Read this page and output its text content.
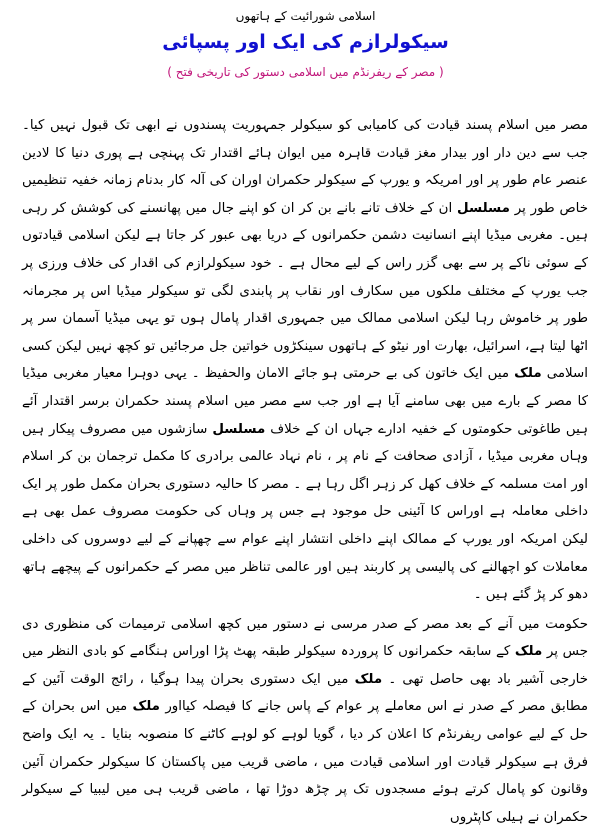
اسلامی شورائیت کے ہاتھوں
سیکولرازم کی ایک اور پسپائی
( مصر کے ریفرنڈم میں اسلامی دستور کی تاریخی فتح )

مصر میں اسلام پسند قیادت کی کامیابی کو سیکولر جمہوریت پسندوں نے ابھی تک قبول نہیں کیا۔ جب سے دین دار اور بیدار مغز قیادت قاہرہ میں ایوان ہائے اقتدار تک پہنچی ہے پوری دنیا کا لادین عنصر عام طور پر اور امریکہ و یورپ کے سیکولر حکمران اوران کی آلہ کار بدنام زمانہ خفیہ تنظیمیں خاص طور پر مسلسل ان کے خلاف تانے بانے بن کر ان کو اپنے جال میں پھانسنے کی کوشش کر رہی ہیں۔ مغربی میڈیا اپنے انسانیت دشمن حکمرانوں کے دریا بھی عبور کر جاتا ہے لیکن اسلامی قیادتوں کے سوئی ناکے پر سے بھی گزر راس کے لیے محال ہے ۔ خود سیکولرازم کی اقدار کی خلاف ورزی پر جب یورپ کے مختلف ملکوں میں سکارف اور نقاب پر پابندی لگی تو سیکولر میڈیا اس پر مجرمانہ طور پر خاموش رہا لیکن اسلامی ممالک میں جمہوری اقدار پامال ہوں تو یہی میڈیا آسمان سر پر اٹھا لیتا ہے، اسرائیل، بھارت اور نیٹو کے ہاتھوں سینکڑوں خواتین جل مرجائیں تو کچھ نہیں لیکن کسی اسلامی ملک میں ایک خاتون کی بے حرمتی ہو جائے الامان والحفیظ ۔ یہی دوہرا معیار مغربی میڈیا کا مصر کے بارے میں بھی سامنے آیا ہے اور جب سے مصر میں اسلام پسند حکمران برسر اقتدار آئے ہیں طاغوتی حکومتوں کے خفیہ ادارے جہاں ان کے خلاف مسلسل سازشوں میں مصروف پیکار ہیں وہاں مغربی میڈیا ، آزادی صحافت کے نام پر ، نام نہاد عالمی برادری کا مکمل ترجمان بن کر اسلام اور امت مسلمہ کے خلاف کھل کر زہر اگل رہا ہے ۔ مصر کا حالیہ دستوری بحران مکمل طور پر ایک داخلی معاملہ ہے اوراس کا آئینی حل موجود ہے جس پر وہاں کی حکومت مصروف عمل بھی ہے لیکن امریکہ اور یورپ کے ممالک اپنے داخلی انتشار اپنے عوام سے چھپانے کے لیے دوسروں کی داخلی معاملات کو اچھالنے کی پالیسی پر کاربند ہیں اور عالمی تناظر میں مصر کے حکمرانوں کے پیچھے ہاتھ دھو کر پڑ گئے ہیں ۔

حکومت میں آنے کے بعد مصر کے صدر مرسی نے دستور میں کچھ اسلامی ترمیمات کی منظوری دی جس پر ملک کے سابقہ حکمرانوں کا پروردہ سیکولر طبقہ پھٹ پڑا اوراس ہنگامے کو بادی النظر میں خارجی آشیر باد بھی حاصل تھی ۔ ملک میں ایک دستوری بحران پیدا ہوگیا ، رائج الوقت آئین کے مطابق مصر کے صدر نے اس معاملے پر عوام کے پاس جانے کا فیصلہ کیااور ملک میں اس بحران کے حل کے لیے عوامی ریفرنڈم کا اعلان کر دیا ، گویا لوہے کو لوہے کاٹنے کا منصوبہ بنایا ۔ یہ ایک واضح فرق ہے سیکولر قیادت اور اسلامی قیادت میں ، ماضی قریب میں پاکستان کا سیکولر حکمران آئین وقانون کو پامال کرتے ہوئے مسجدوں تک پر چڑھ دوڑا تھا ، ماضی قریب ہی میں لیبیا کے سیکولر حکمران نے ہیلی کاپٹروں
